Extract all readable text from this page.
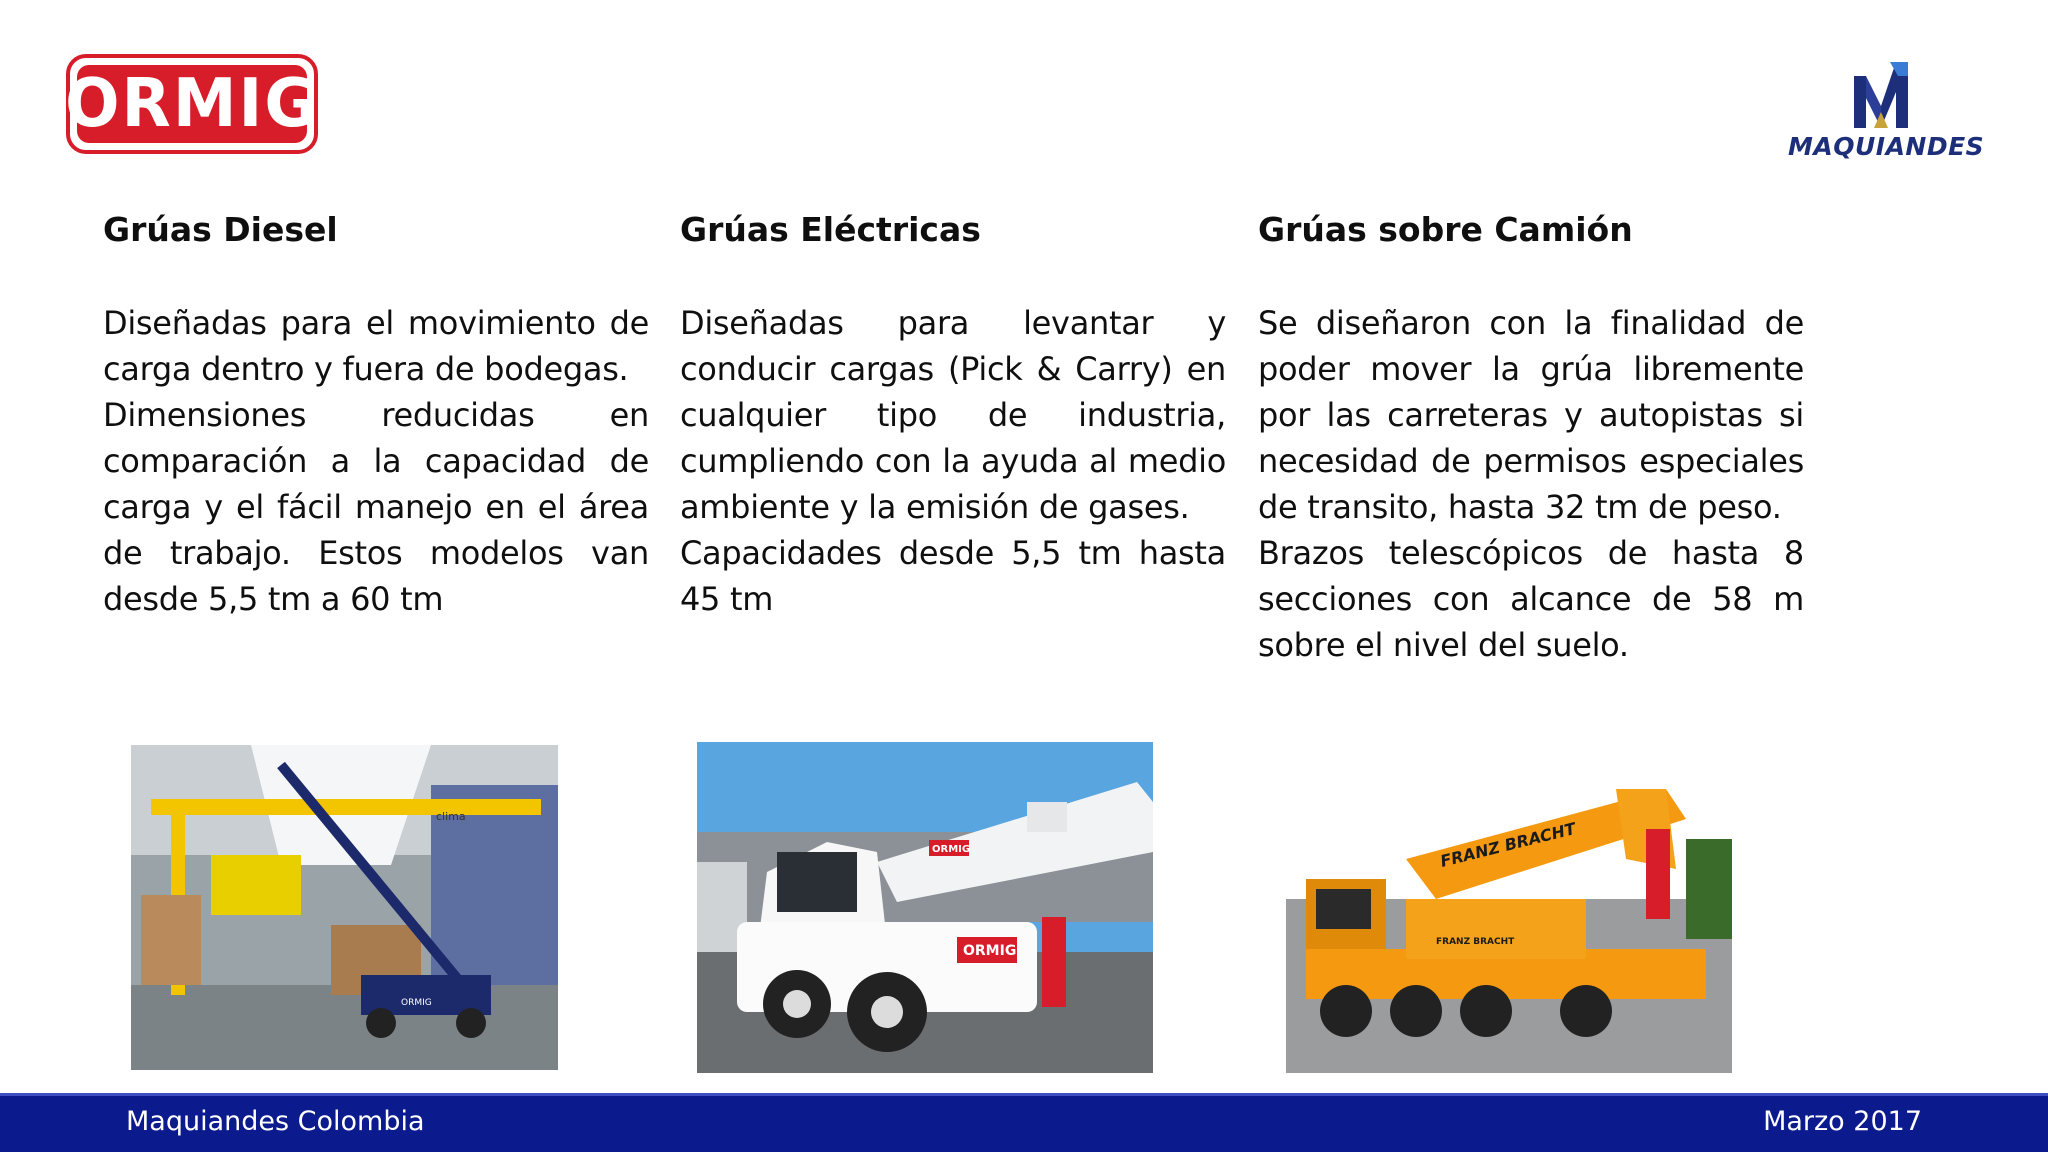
ORMIG
MAQUIANDES
Grúas Diesel

Diseñadas para el movimiento de carga dentro y fuera de bodegas.

Dimensiones reducidas en comparación a la capacidad de carga y el fácil manejo en el área de trabajo. Estos modelos van desde 5,5 tm a 60 tm

Grúas Eléctricas

Diseñadas para levantar y conducir cargas (Pick & Carry) en cualquier tipo de industria, cumpliendo con la ayuda al medio ambiente y la emisión de gases.

Capacidades desde 5,5 tm hasta 45 tm

Grúas sobre Camión

Se diseñaron con la finalidad de poder mover la grúa libremente por las carreteras y autopistas si necesidad de permisos especiales de transito, hasta 32 tm de peso.

Brazos telescópicos de hasta 8 secciones con alcance de 58 m sobre el nivel del suelo.

clima
ORMIG
ORMIG
ORMIG	FRANZ BRACHT
FRANZ BRACHT
Maquiandes Colombia	Marzo 2017
